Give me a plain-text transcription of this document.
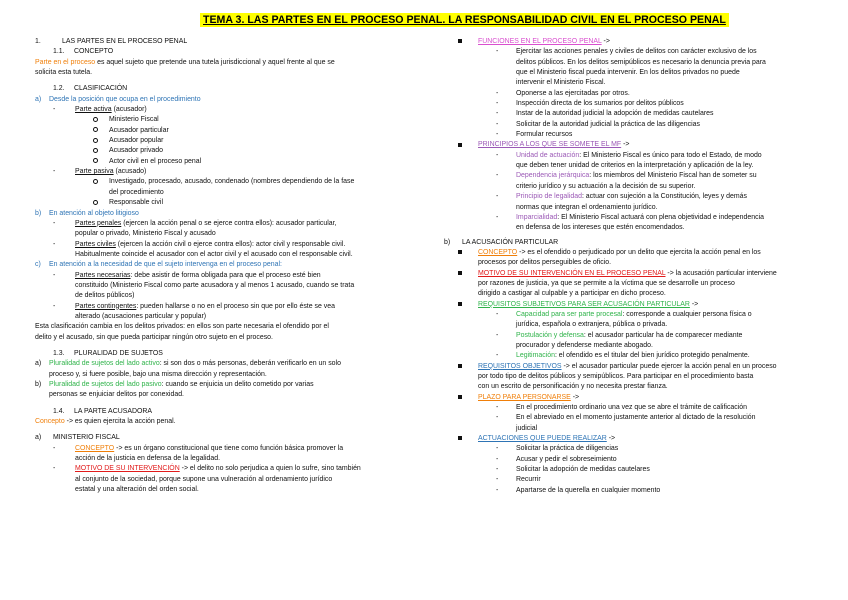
TEMA 3. LAS PARTES EN EL PROCESO PENAL. LA RESPONSABILIDAD CIVIL EN EL PROCESO PENAL
1.	LAS PARTES EN EL PROCESO PENAL
1.1. CONCEPTO
Parte en el proceso es aquel sujeto que pretende una tutela jurisdiccional y aquel frente al que se
solicita esta tutela.
1.2. CLASIFICACIÓN
a) Desde la posición que ocupa en el procedimiento
-	Parte activa (acusador)
Ministerio Fiscal
Acusador particular
Acusador popular
Acusador privado
Actor civil en el proceso penal
-	Parte pasiva (acusado)
Investigado, procesado, acusado, condenado (nombres dependiendo de la fase
del procedimiento
Responsable civil
b) En atención al objeto litigioso
-	Partes penales (ejercen la acción penal o se ejerce contra ellos): acusador particular,
popular o privado, Ministerio Fiscal y acusado
-	Partes civiles (ejercen la acción civil o ejerce contra ellos): actor civil y responsable civil.
Habitualmente coincide el acusador con el actor civil y el acusado con el responsable civil.
c) En atención a la necesidad de que el sujeto intervenga en el proceso penal:
-	Partes necesarias: debe asistir de forma obligada para que el proceso esté bien
constituido (Ministerio Fiscal como parte acusadora y al menos 1 acusado, cuando se trata
de delitos públicos)
-	Partes contingentes: pueden hallarse o no en el proceso sin que por ello éste se vea
alterado (acusaciones particular y popular)
Esta clasificación cambia en los delitos privados: en ellos son parte necesaria el ofendido por el
delito y el acusado, sin que pueda participar ningún otro sujeto en el proceso.
1.3. PLURALIDAD DE SUJETOS
a) Pluralidad de sujetos del lado activo: si son dos o más personas, deberán verificarlo en un solo
proceso y, si fuere posible, bajo una misma dirección y representación.
b) Pluralidad de sujetos del lado pasivo: cuando se enjuicia un delito cometido por varias
personas se enjuiciar delitos por conexidad.
1.4. LA PARTE ACUSADORA
Concepto -> es quien ejercita la acción penal.
a) MINISTERIO FISCAL
-	CONCEPTO -> es un órgano constitucional que tiene como función básica promover la
acción de la justicia en defensa de la legalidad.
-	MOTIVO DE SU INTERVENCIÓN -> el delito no solo perjudica a quien lo sufre, sino también
al conjunto de la sociedad, porque supone una vulneración al ordenamiento jurídico
estatal y una alteración del orden social.
FUNCIONES EN EL PROCESO PENAL ->
-	Ejercitar las acciones penales y civiles de delitos con carácter exclusivo de los
delitos públicos. En los delitos semipúblicos es necesario la denuncia previa para
que el Ministerio fiscal pueda intervenir. En los delitos privados no puede
intervenir el Ministerio Fiscal.
-	Oponerse a las ejercitadas por otros.
-	Inspección directa de los sumarios por delitos públicos
-	Instar de la autoridad judicial la adopción de medidas cautelares
-	Solicitar de la autoridad judicial la práctica de las diligencias
-	Formular recursos
PRINCIPIOS A LOS QUE SE SOMETE EL MF ->
-	Unidad de actuación: El Ministerio Fiscal es único para todo el Estado, de modo
que deben tener unidad de criterios en la interpretación y aplicación de la ley.
-	Dependencia jerárquica: los miembros del Ministerio Fiscal han de someter su
criterio jurídico y su actuación a la decisión de su superior.
-	Principio de legalidad: actuar con sujeción a la Constitución, leyes y demás
normas que integran el ordenamiento jurídico.
-	Imparcialidad: El Ministerio Fiscal actuará con plena objetividad e independencia
en defensa de los intereses que estén encomendados.
b) LA ACUSACIÓN PARTICULAR
CONCEPTO -> es el ofendido o perjudicado por un delito que ejercita la acción penal en los
procesos por delitos perseguibles de oficio.
MOTIVO DE SU INTERVENCIÓN EN EL PROCESO PENAL -> la acusación particular interviene
por razones de justicia, ya que se permite a la víctima que se desarrolle un proceso
dirigido a castigar al culpable y a participar en dicho proceso.
REQUISITOS SUBJETIVOS PARA SER ACUSACIÓN PARTICULAR ->
-	Capacidad para ser parte procesal: corresponde a cualquier persona física o
jurídica, española o extranjera, pública o privada.
-	Postulación y defensa: el acusador particular ha de comparecer mediante
procurador y defenderse mediante abogado.
-	Legitimación: el ofendido es el titular del bien jurídico protegido penalmente.
REQUISITOS OBJETIVOS -> el acusador particular puede ejercer la acción penal en un proceso
por todo tipo de delitos públicos y semipúblicos. Para participar en el procedimiento basta
con un escrito de personificación y no necesita prestar fianza.
PLAZO PARA PERSONARSE ->
-	En el procedimiento ordinario una vez que se abre el trámite de calificación
-	En el abreviado en el momento justamente anterior al dictado de la resolución
judicial
ACTUACIONES QUE PUEDE REALIZAR ->
-	Solicitar la práctica de diligencias
-	Acusar y pedir el sobreseimiento
-	Solicitar la adopción de medidas cautelares
-	Recurrir
-	Apartarse de la querella en cualquier momento
